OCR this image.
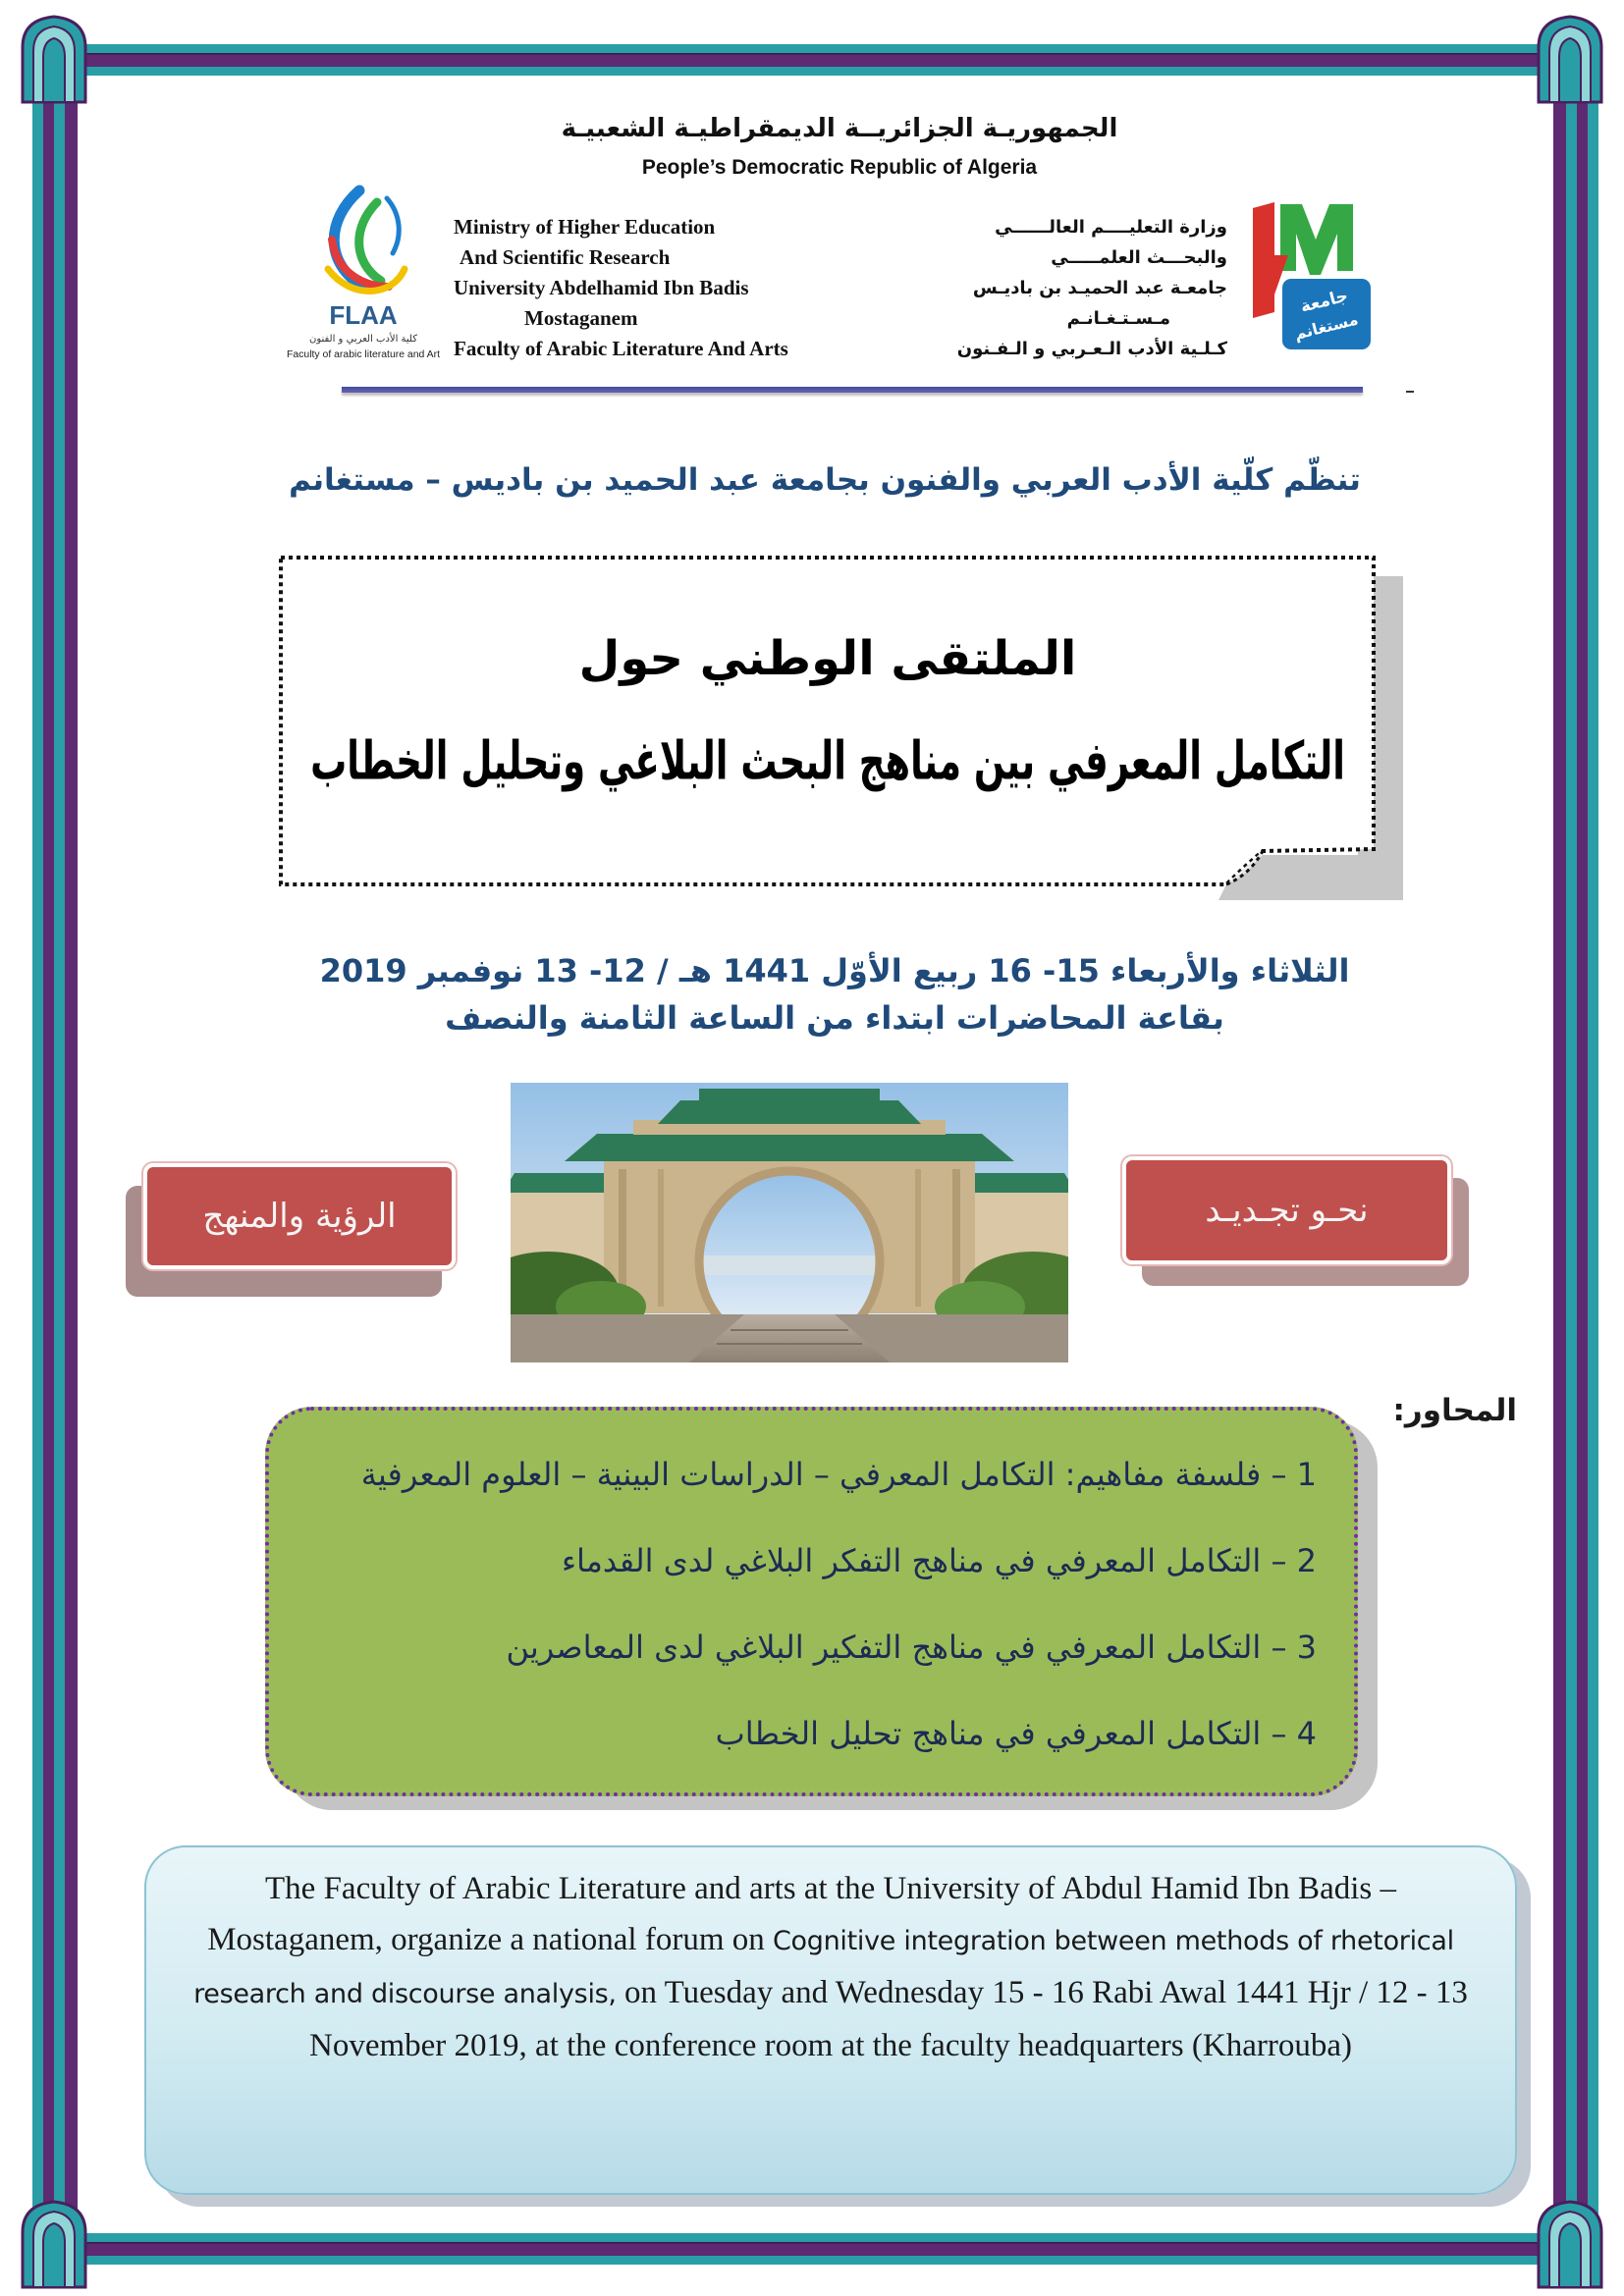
الجمهوريـة الجزائريــة الديمقراطيـة الشعبيـة
People’s Democratic Republic of Algeria
FLAA
كلية الأدب العربي و الفنون
Faculty of arabic literature and Art
Ministry of Higher Education
And Scientific Research
University Abdelhamid Ibn Badis
Mostaganem
Faculty of Arabic Literature And Arts
وزارة التعليــــم العالــــــي
والبحـــث العلمـــــي
جامعـة عبد الحميـد بن باديـس
مـسـتـغـانـم
كـلـية الأدب الـعـربي و الـفـنون
جامعة
مستغانم
تنظّم كلّية الأدب العربي والفنون بجامعة عبد الحميد بن باديس – مستغانم
الملتقى الوطني حول
التكامل المعرفي بين مناهج البحث البلاغي وتحليل الخطاب
الثلاثاء والأربعاء 15- 16 ربيع الأوّل 1441 هـ / 12- 13 نوفمبر 2019
بقاعة المحاضرات ابتداء من الساعة الثامنة والنصف
الرؤية والمنهج	نحـو تجـديـد
المحاور:
1 – فلسفة مفاهيم: التكامل المعرفي – الدراسات البينية – العلوم المعرفية
2 – التكامل المعرفي في مناهج التفكر البلاغي لدى القدماء
3 – التكامل المعرفي في مناهج التفكير البلاغي لدى المعاصرين
4 – التكامل المعرفي في مناهج تحليل الخطاب

The Faculty of Arabic Literature and arts at the University of Abdul Hamid Ibn Badis – Mostaganem, organize a national forum on Cognitive integration between methods of rhetorical research and discourse analysis, on Tuesday and Wednesday 15 - 16 Rabi Awal 1441 Hjr / 12 - 13 November 2019, at the conference room at the faculty headquarters (Kharrouba)
